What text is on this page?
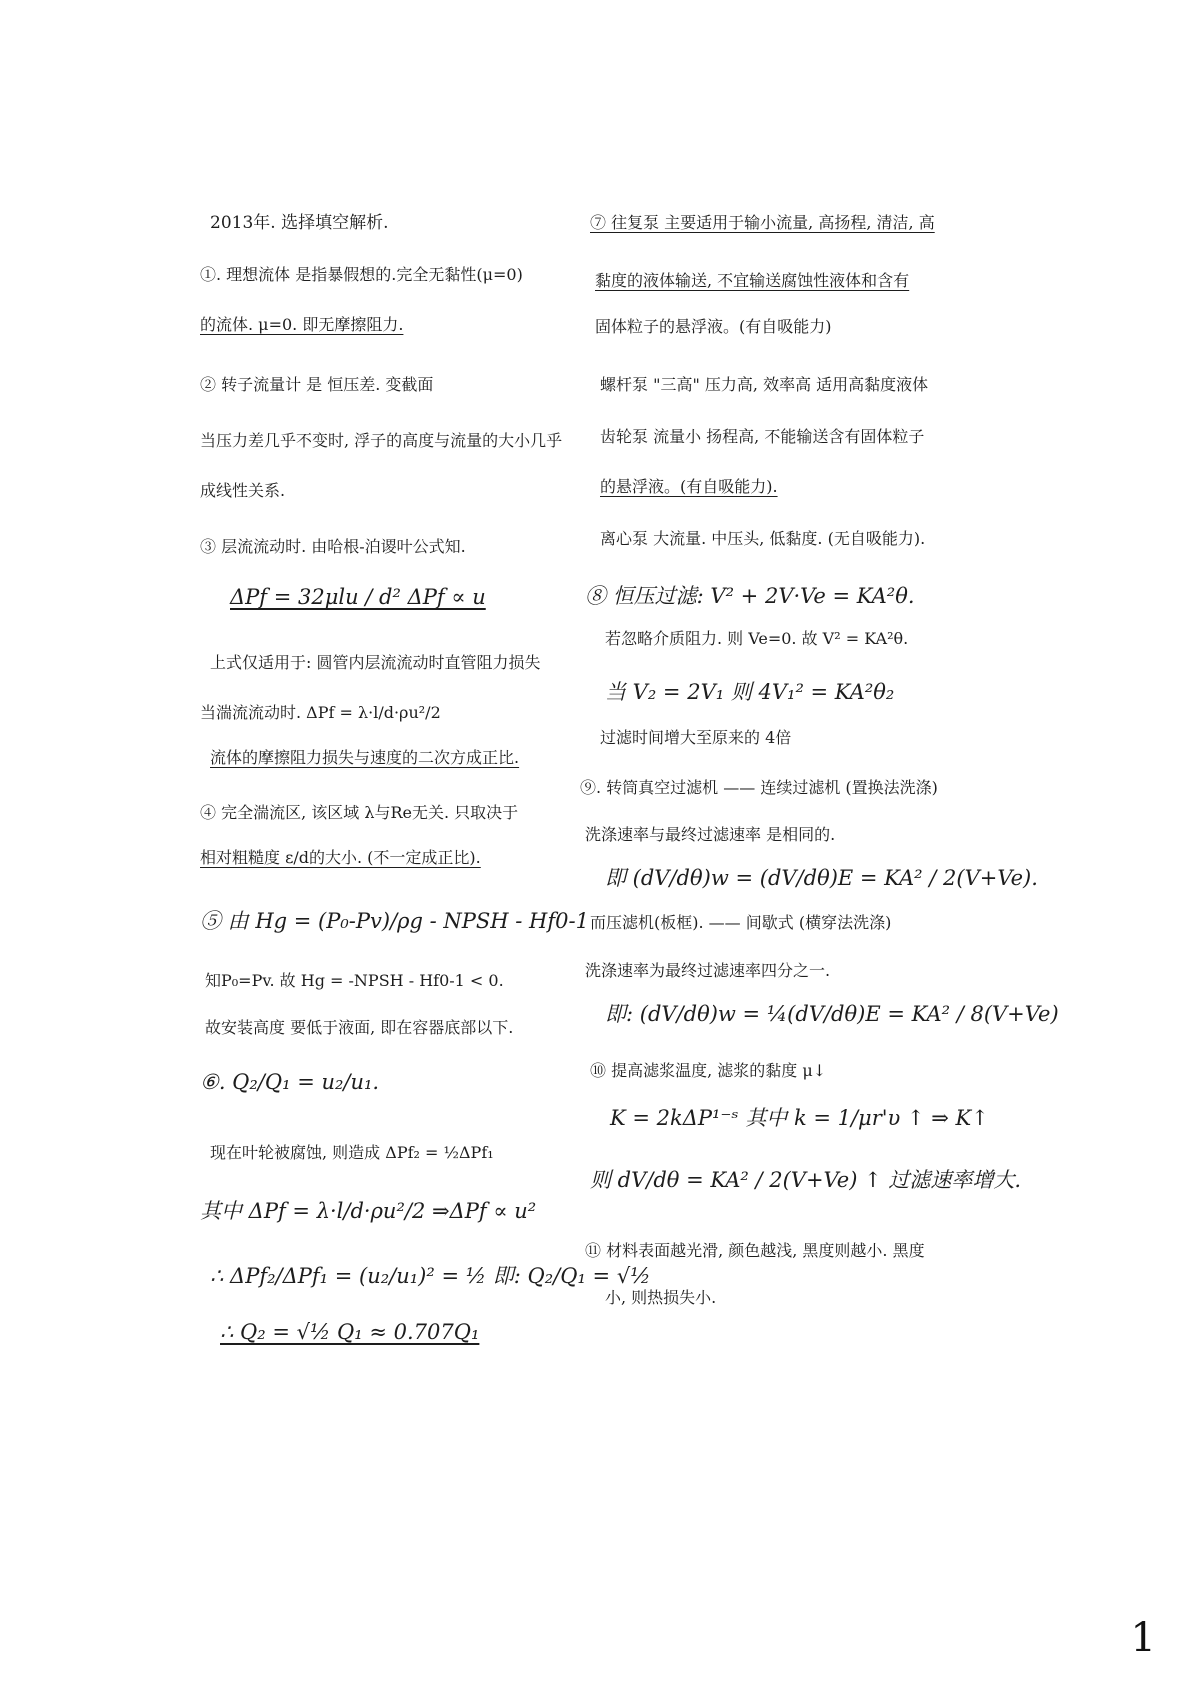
2013年. 选择填空解析.
①. 理想流体 是指暴假想的.完全无黏性(μ=0)
的流体. μ=0. 即无摩擦阻力.
② 转子流量计 是 恒压差. 变截面
当压力差几乎不变时, 浮子的高度与流量的大小几乎
成线性关系.
③ 层流流动时. 由哈根-泊谡叶公式知.
ΔPf = 32μlu / d² ΔPf ∝ u
上式仅适用于: 圆管内层流流动时直管阻力损失
当湍流流动时. ΔPf = λ·l/d·ρu²/2
流体的摩擦阻力损失与速度的二次方成正比.
④ 完全湍流区, 该区域 λ与Re无关. 只取决于
相对粗糙度 ε/d的大小. (不一定成正比).
⑤ 由 Hg = (P₀-Pv)/ρg - NPSH - Hf0-1
知P₀=Pv. 故 Hg = -NPSH - Hf0-1 < 0.
故安装高度 要低于液面, 即在容器底部以下.
⑥. Q₂/Q₁ = u₂/u₁.
现在叶轮被腐蚀, 则造成 ΔPf₂ = ½ΔPf₁
其中 ΔPf = λ·l/d·ρu²/2 ⇒ΔPf ∝ u²
∴ ΔPf₂/ΔPf₁ = (u₂/u₁)² = ½ 即: Q₂/Q₁ = √½
∴ Q₂ = √½ Q₁ ≈ 0.707Q₁
⑦ 往复泵 主要适用于输小流量, 高扬程, 清洁, 高
黏度的液体输送, 不宜输送腐蚀性液体和含有
固体粒子的悬浮液。(有自吸能力)
螺杆泵 "三高" 压力高, 效率高 适用高黏度液体
齿轮泵 流量小 扬程高, 不能输送含有固体粒子
的悬浮液。(有自吸能力).
离心泵 大流量. 中压头, 低黏度. (无自吸能力).
⑧ 恒压过滤: V² + 2V·Ve = KA²θ.
若忽略介质阻力. 则 Ve=0. 故 V² = KA²θ.
当 V₂ = 2V₁ 则 4V₁² = KA²θ₂
过滤时间增大至原来的 4倍
⑨. 转筒真空过滤机 —— 连续过滤机 (置换法洗涤)
洗涤速率与最终过滤速率 是相同的.
即 (dV/dθ)w = (dV/dθ)E = KA² / 2(V+Ve).
而压滤机(板框). —— 间歇式 (横穿法洗涤)
洗涤速率为最终过滤速率四分之一.
即: (dV/dθ)w = ¼(dV/dθ)E = KA² / 8(V+Ve)
⑩ 提高滤浆温度, 滤浆的黏度 μ↓
K = 2kΔP¹⁻ˢ 其中 k = 1/μr'υ ↑ ⇒ K↑
则 dV/dθ = KA² / 2(V+Ve) ↑ 过滤速率增大.
⑪ 材料表面越光滑, 颜色越浅, 黑度则越小. 黑度
小, 则热损失小.
1
